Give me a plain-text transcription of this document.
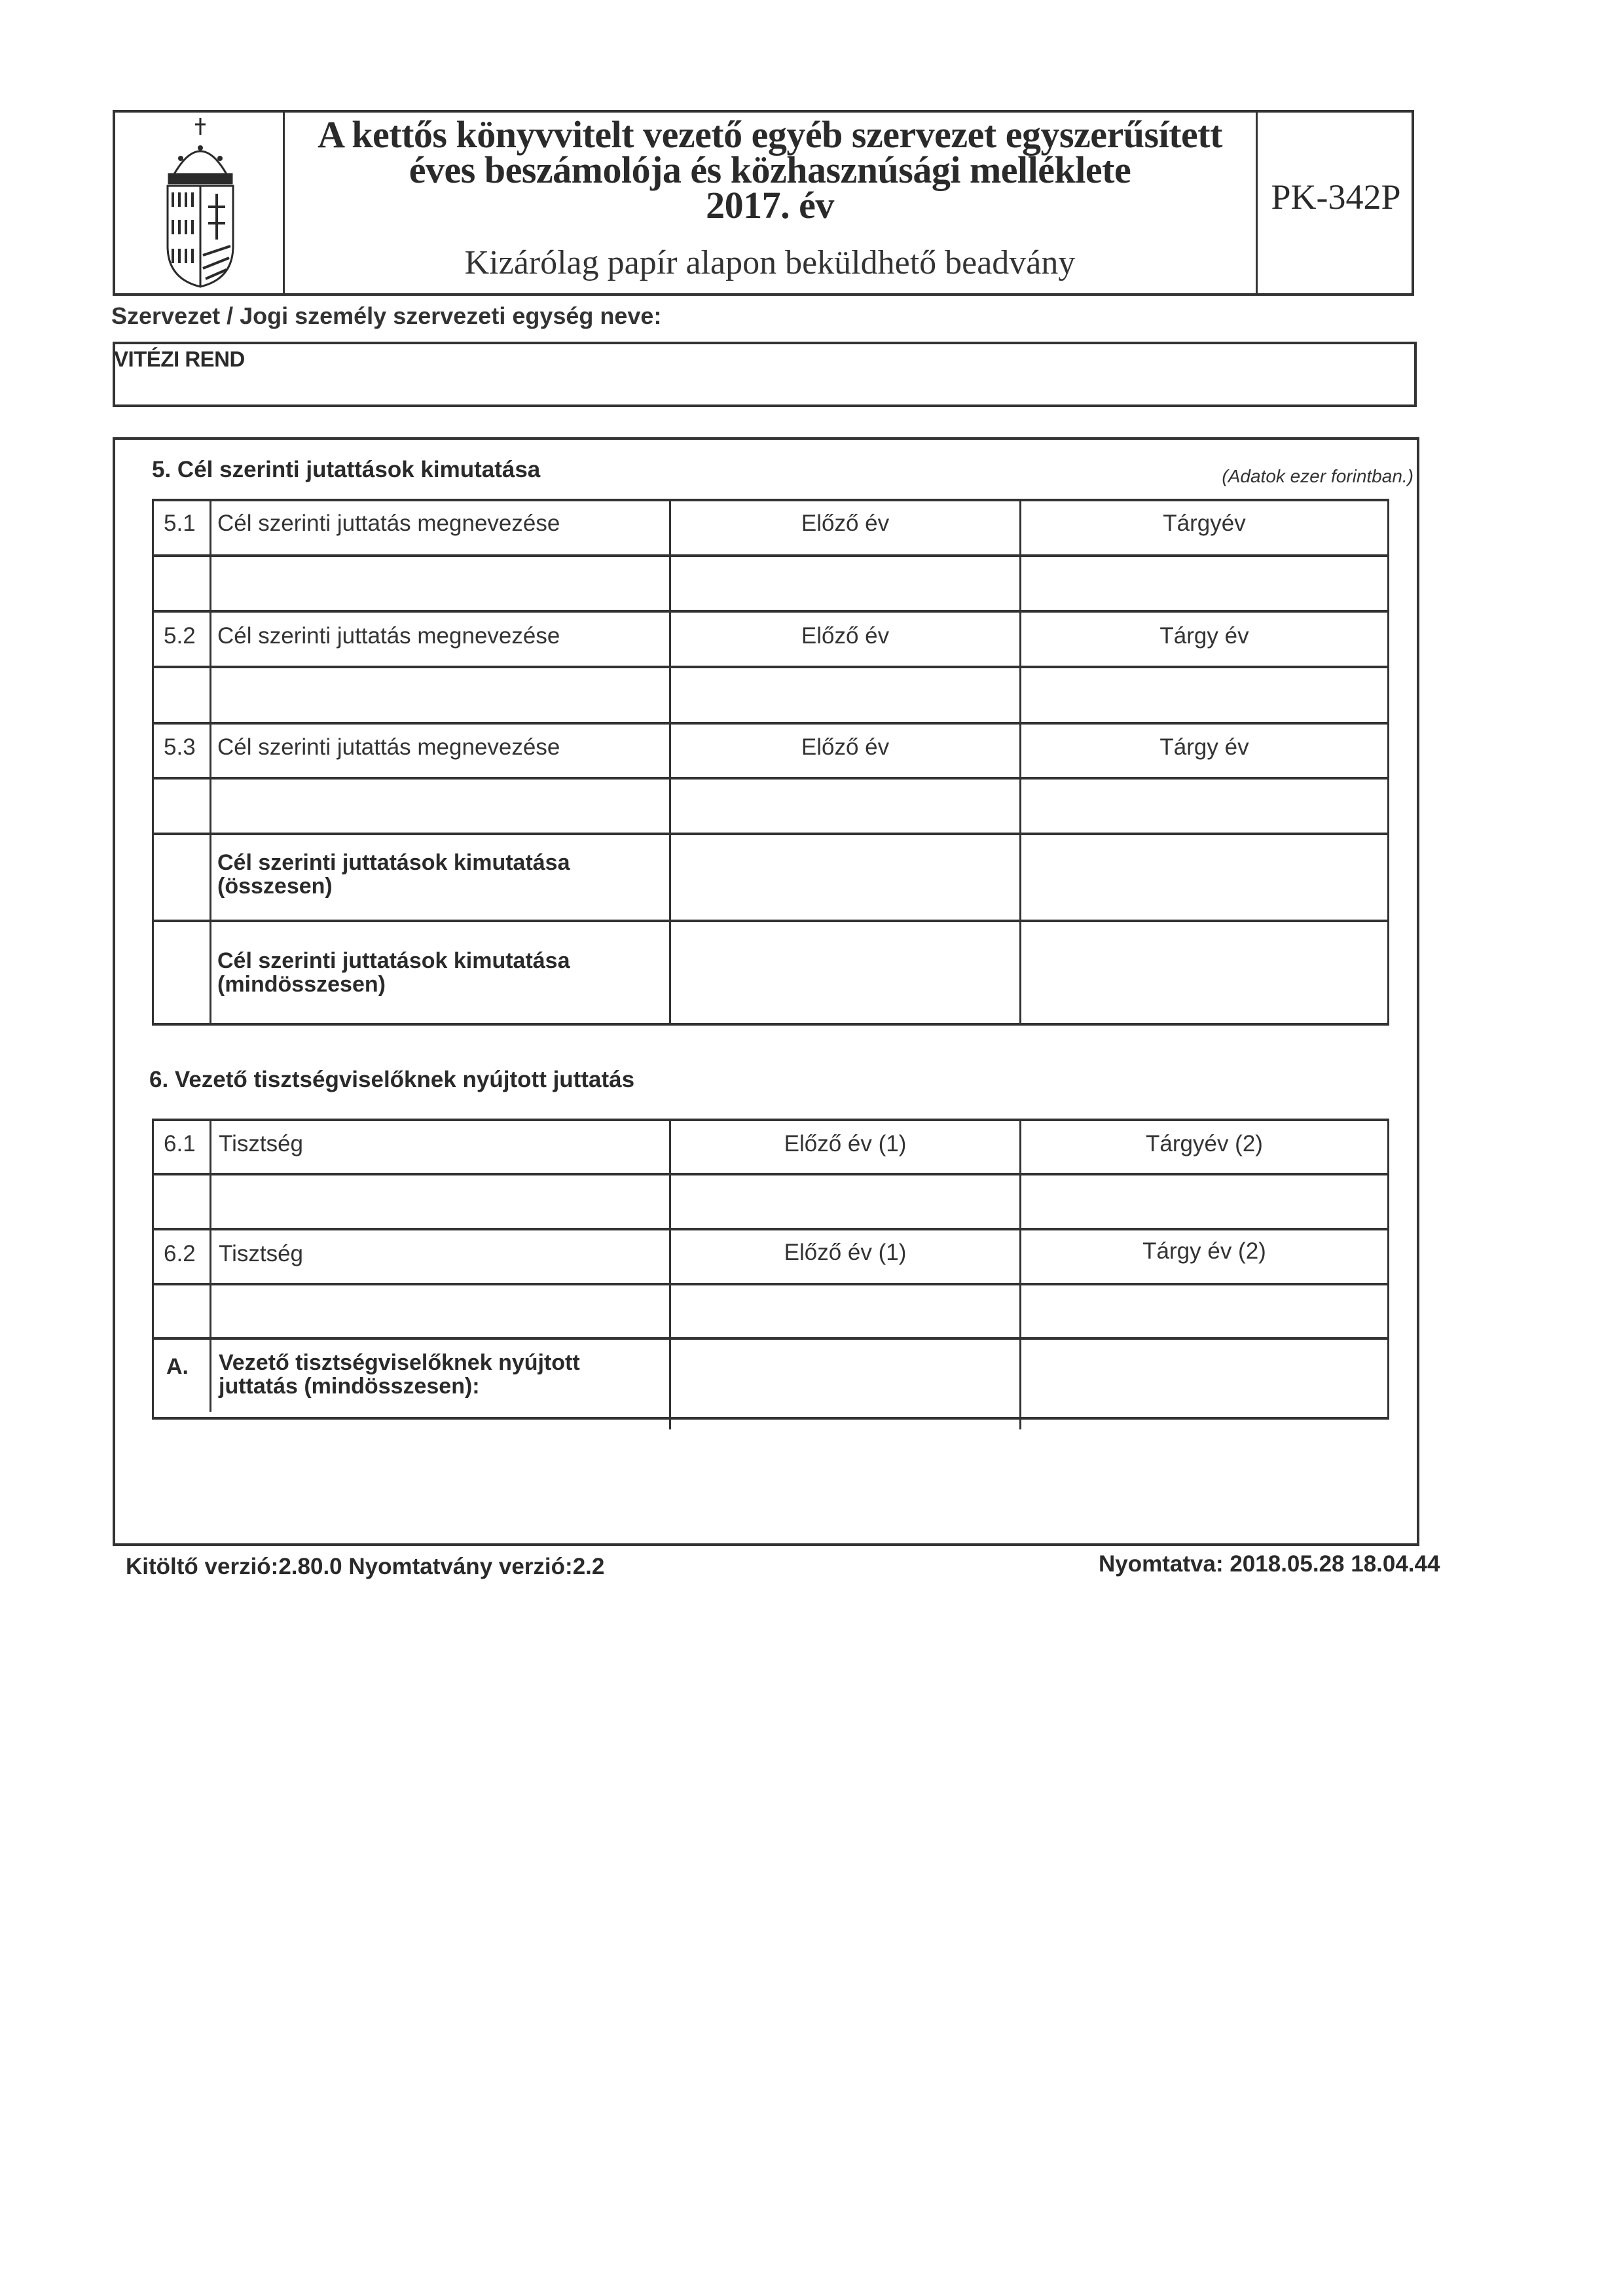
A kettős könyvvitelt vezető egyéb szervezet egyszerűsített
éves beszámolója és közhasznúsági melléklete
2017. év
Kizárólag papír alapon beküldhető beadvány
PK-342P
Szervezet / Jogi személy szervezeti egység neve:
VITÉZI REND
5. Cél szerinti jutattások kimutatása	(Adatok ezer forintban.)
5.1 Cél szerinti juttatás megnevezése	Előző év	Tárgyév
5.2 Cél szerinti juttatás megnevezése	Előző év	Tárgy év
5.3 Cél szerinti jutattás megnevezése	Előző év	Tárgy év
Cél szerinti juttatások kimutatása (összesen)
Cél szerinti juttatások kimutatása (mindösszesen)
6. Vezető tisztségviselőknek nyújtott juttatás
6.1 Tisztség	Előző év (1)	Tárgyév (2)
6.2 Tisztség	Előző év (1)	Tárgy év (2)
A. Vezető tisztségviselőknek nyújtott juttatás (mindösszesen):
Kitöltő verzió:2.80.0 Nyomtatvány verzió:2.2	Nyomtatva: 2018.05.28 18.04.44
